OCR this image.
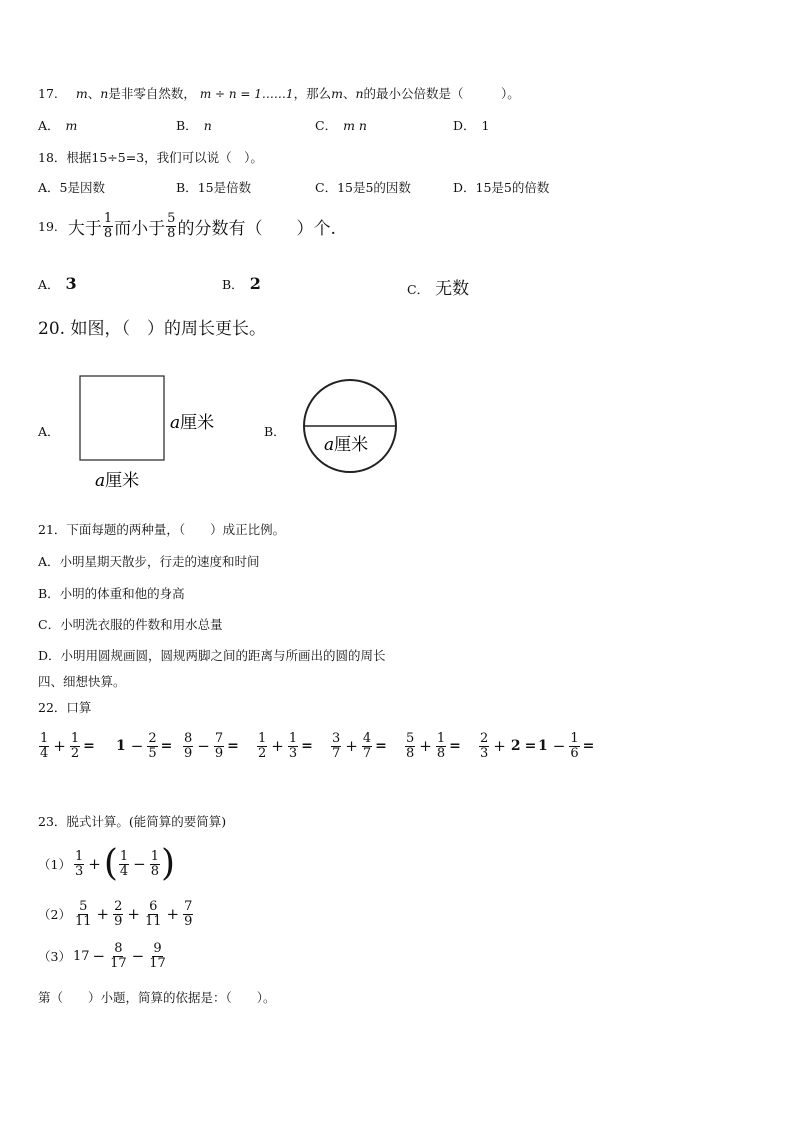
17. m、n是非零自然数， m ÷ n = 1……1，那么m、n的最小公倍数是（　　　）。
A． m	B． n	C． m n	D． 1
18．根据15÷5=3，我们可以说（　）。
A．5是因数	B．15是倍数	C．15是5的因数	D．15是5的倍数
19. 大于 $\frac{1}{8}$ 而小于 $\frac{5}{8}$ 的分数有（　　）个.
A． 3	B． 2	C． 无数
20. 如图，（　）的周长更长。
A．	a厘米
a厘米
B．
a厘米
21．下面每题的两种量，（　　）成正比例。
A．小明星期天散步，行走的速度和时间
B．小明的体重和他的身高
C．小明洗衣服的件数和用水总量
D．小明用圆规画圆，圆规两脚之间的距离与所画出的圆的周长
四、细想快算。
22．口算
$\frac{1}{4} + \frac{1}{2} = 1 - \frac{2}{5} = \frac{8}{9} - \frac{7}{9} = \frac{1}{2} + \frac{1}{3} = \frac{3}{7} + \frac{4}{7} = \frac{5}{8} + \frac{1}{8} = \frac{2}{3} + 2 = 1 - \frac{1}{6}$ =
23．脱式计算。(能简算的要简算)
$(1) \frac{1}{3}$ + ( $\frac{1}{4} - \frac{1}{8}$ )
$(2) \frac{5}{11} + \frac{2}{9} + \frac{6}{11} + \frac{7}{9}$
（3） $17 - \frac{8}{17} - \frac{9}{17}$
第（　　）小题，简算的依据是：（　　）。
